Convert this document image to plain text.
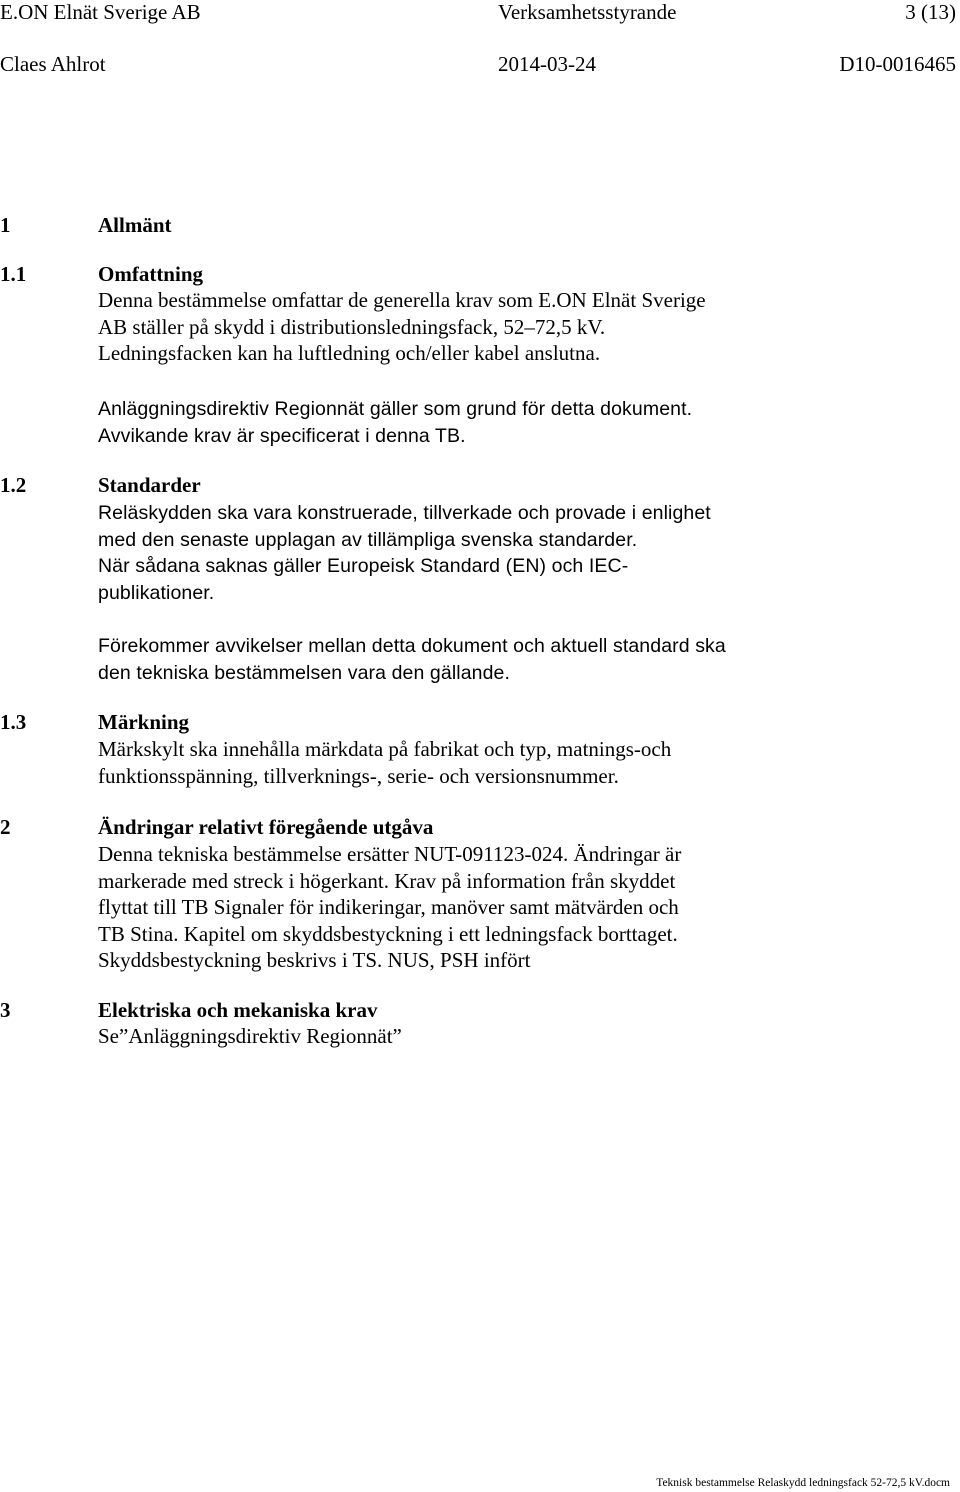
E.ON Elnät Sverige AB	Verksamhetsstyrande	3 (13)
Claes Ahlrot	2014-03-24	D10-0016465
1	Allmänt
1.1	Omfattning
Denna bestämmelse omfattar de generella krav som E.ON Elnät Sverige
AB ställer på skydd i distributionsledningsfack, 52–72,5 kV.
Ledningsfacken kan ha luftledning och/eller kabel anslutna.
Anläggningsdirektiv Regionnät gäller som grund för detta dokument.
Avvikande krav är specificerat i denna TB.
1.2	Standarder
Reläskydden ska vara konstruerade, tillverkade och provade i enlighet
med den senaste upplagan av tillämpliga svenska standarder.
När sådana saknas gäller Europeisk Standard (EN) och IEC-
publikationer.
Förekommer avvikelser mellan detta dokument och aktuell standard ska
den tekniska bestämmelsen vara den gällande.
1.3	Märkning
Märkskylt ska innehålla märkdata på fabrikat och typ, matnings-och
funktionsspänning, tillverknings-, serie- och versionsnummer.
2	Ändringar relativt föregående utgåva
Denna tekniska bestämmelse ersätter NUT-091123-024. Ändringar är
markerade med streck i högerkant. Krav på information från skyddet
flyttat till TB Signaler för indikeringar, manöver samt mätvärden och
TB Stina. Kapitel om skyddsbestyckning i ett ledningsfack borttaget.
Skyddsbestyckning beskrivs i TS. NUS, PSH infört
3	Elektriska och mekaniska krav
Se”Anläggningsdirektiv Regionnät”
Teknisk bestammelse Relaskydd ledningsfack 52-72,5 kV.docm
